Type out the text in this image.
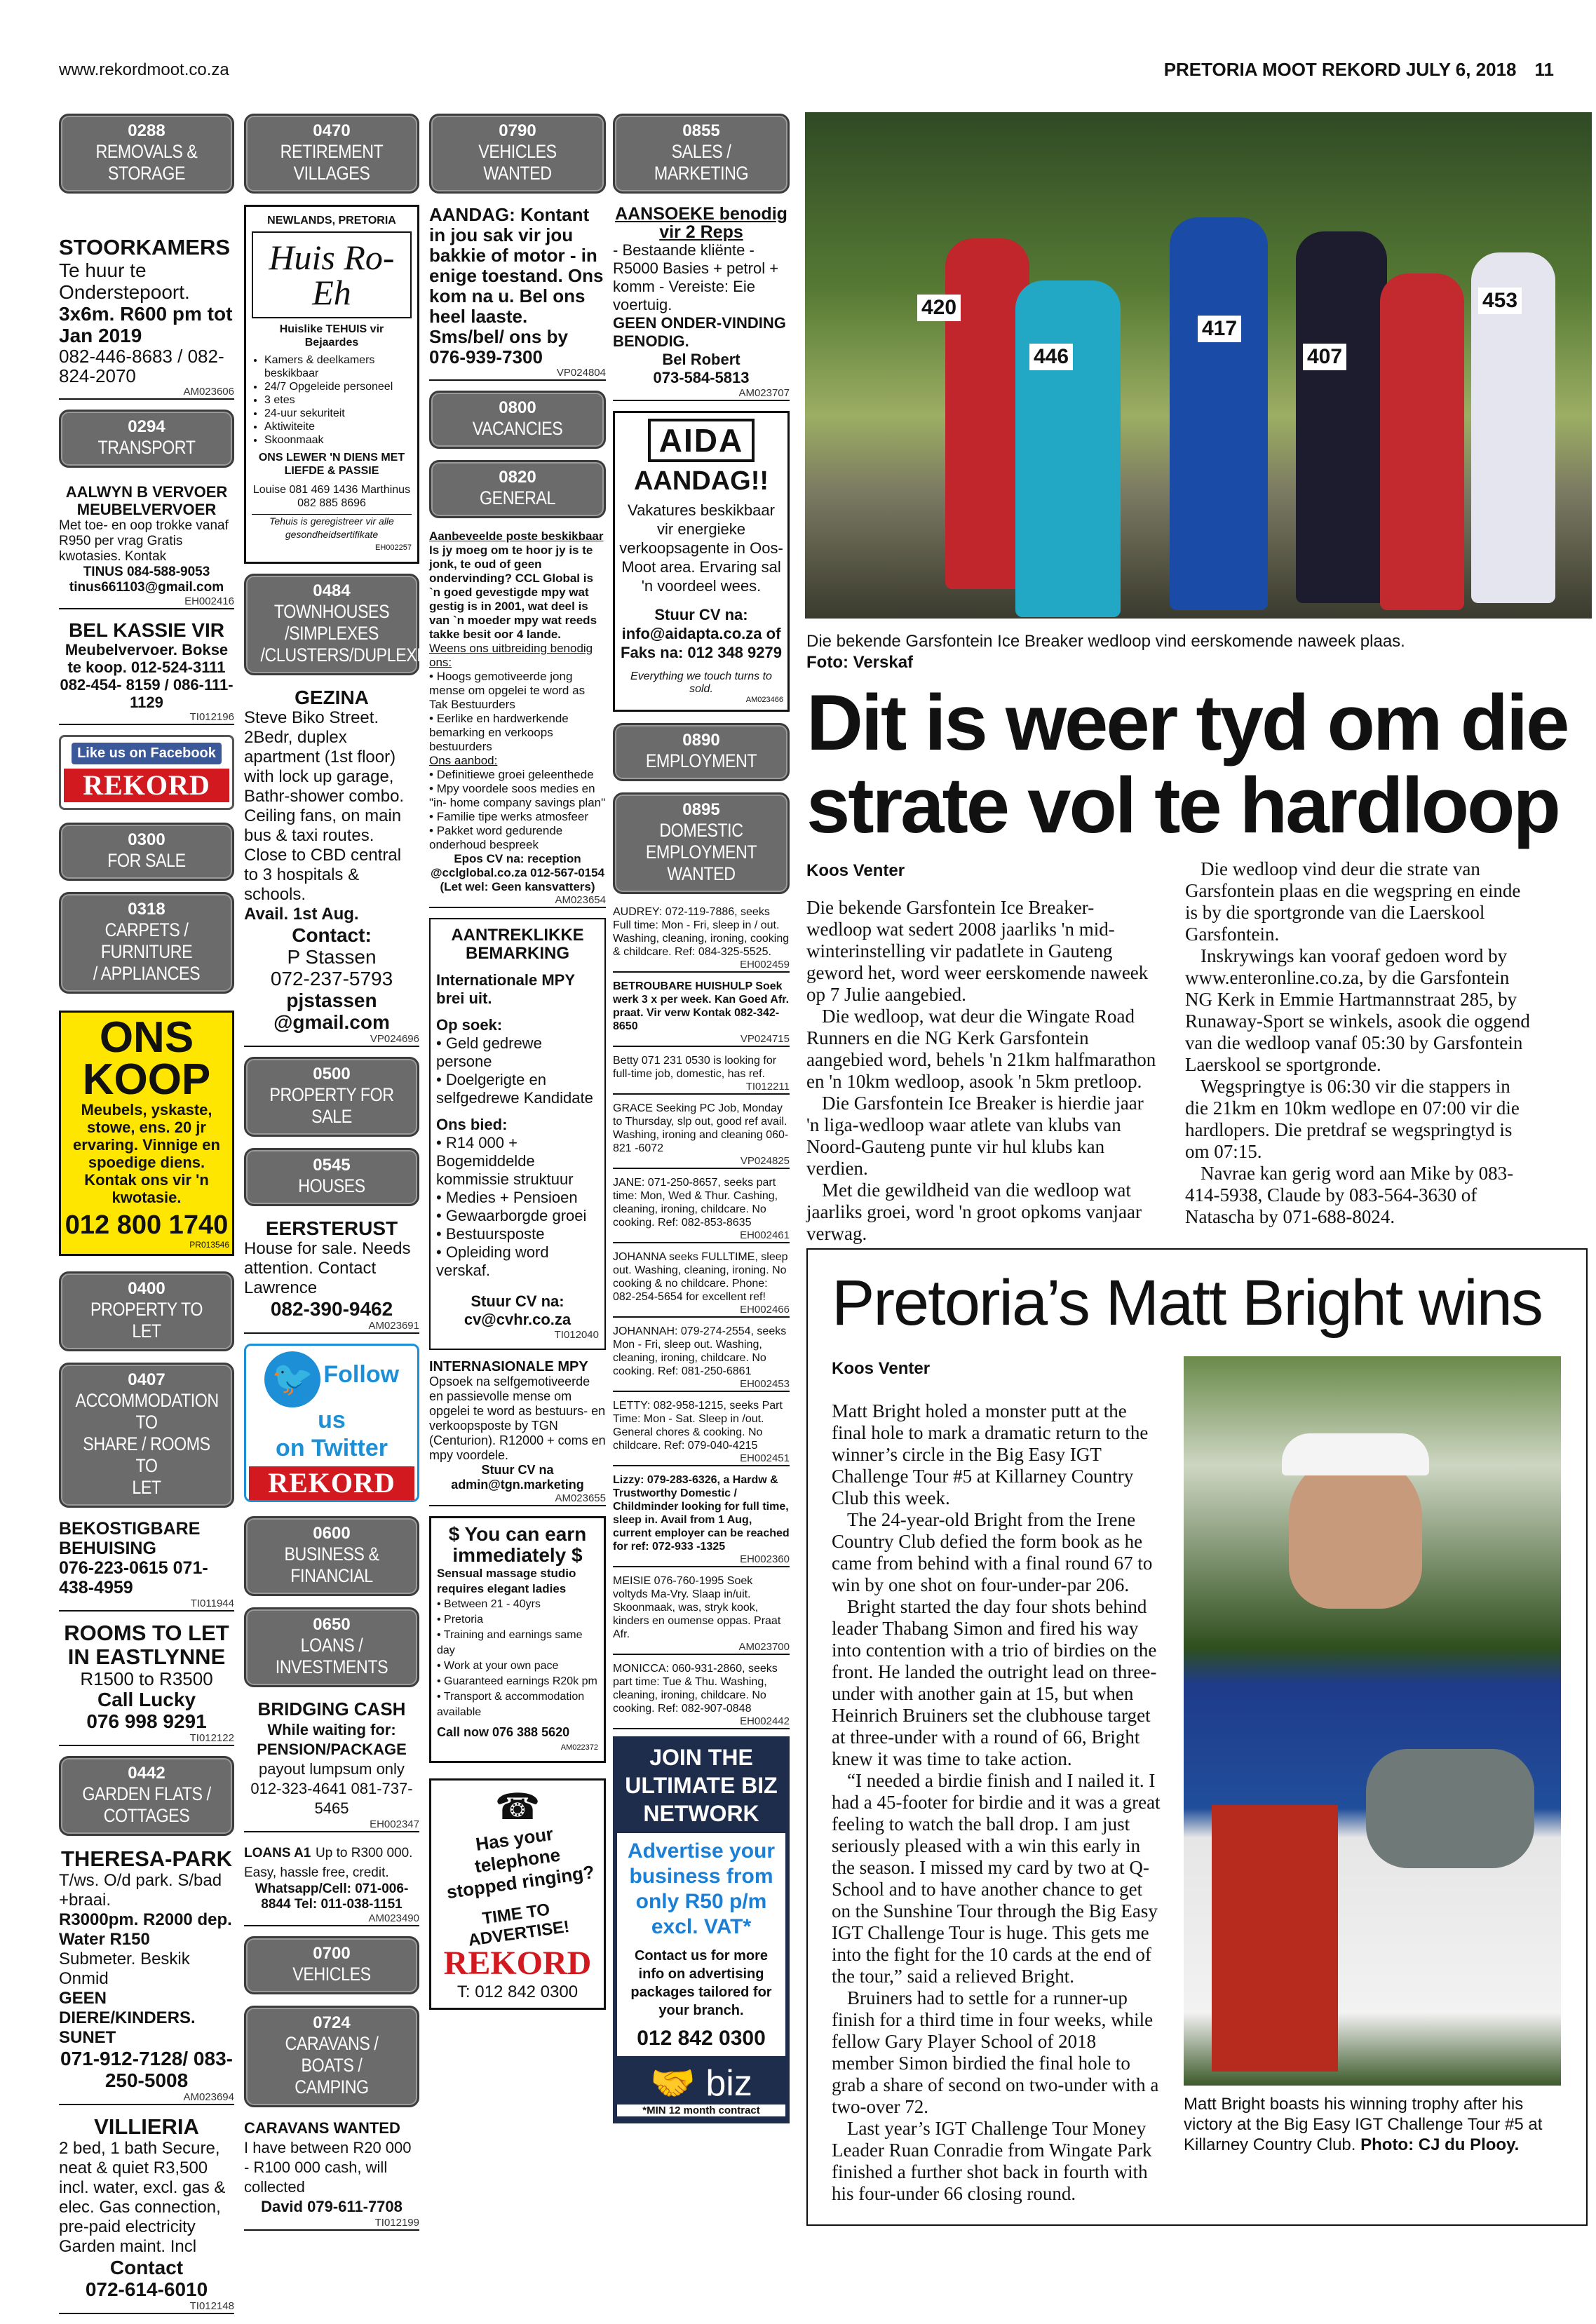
www.rekordmoot.co.za	PRETORIA MOOT REKORD JULY 6, 2018 11
0288
REMOVALS &
STORAGE
STOORKAMERS
Te huur te Onderstepoort.
3x6m. R600 pm tot Jan 2019
082-446-8683 / 082-824-2070
AM023606
0294
TRANSPORT
AALWYN B VERVOER MEUBELVERVOER
Met toe- en oop trokke vanaf R950 per vrag Gratis kwotasies. Kontak
TINUS 084-588-9053 tinus661103@gmail.com
EH002416
BEL KASSIE VIR
Meubelvervoer. Bokse te koop. 012-524-3111 082-454- 8159 / 086-111-1129
TI012196
Like us on Facebook
REKORD
0300
FOR SALE
0318
CARPETS / FURNITURE
/ APPLIANCES
ONS KOOP
Meubels, yskaste, stowe, ens. 20 jr ervaring. Vinnige en spoedige diens. Kontak ons vir 'n kwotasie.
012 800 1740
PR013546
0400
PROPERTY TO LET
0407
ACCOMMODATION TO
SHARE / ROOMS TO
LET
BEKOSTIGBARE BEHUISING
076-223-0615 071- 438-4959
TI011944
ROOMS TO LET IN EASTLYNNE
R1500 to R3500
Call Lucky
076 998 9291
TI012122
0442
GARDEN FLATS /
COTTAGES
THERESA-PARK
T/ws. O/d park. S/bad +braai.
R3000pm. R2000 dep. Water R150
Submeter. Beskik Onmid
GEEN DIERE/KINDERS. SUNET
071-912-7128/ 083-250-5008
AM023694
VILLIERIA
2 bed, 1 bath Secure, neat & quiet R3,500 incl. water, excl. gas & elec. Gas connection, pre-paid electricity Garden maint. Incl
Contact
072-614-6010
TI012148
0470
RETIREMENT
VILLAGES
NEWLANDS, PRETORIA
Huis Ro-Eh
Huislike TEHUIS vir Bejaardes
• Kamers & deelkamers beskikbaar
• 24/7 Opgeleide personeel
• 3 etes
• 24-uur sekuriteit
• Aktiwiteite
• Skoonmaak
ONS LEWER 'N DIENS MET LIEFDE & PASSIE
Louise 081 469 1436 Marthinus 082 885 8696
Tehuis is geregistreer vir alle gesondheidsertifikate
EH002257
0484
TOWNHOUSES
/SIMPLEXES
/CLUSTERS/DUPLEXES
GEZINA
Steve Biko Street. 2Bedr, duplex apartment (1st floor) with lock up garage, Bathr-shower combo. Ceiling fans, on main bus & taxi routes. Close to CBD central to 3 hospitals & schools.
Avail. 1st Aug.
Contact:
P Stassen
072-237-5793
pjstassen @gmail.com
VP024696
0500
PROPERTY FOR SALE
0545
HOUSES
EERSTERUST
House for sale. Needs attention. Contact Lawrence
082-390-9462
AM023691
🐦 Follow us
on Twitter
REKORD
0600
BUSINESS &
FINANCIAL
0650
LOANS / INVESTMENTS
BRIDGING CASH
While waiting for: PENSION/PACKAGE
payout lumpsum only
012-323-4641 081-737-5465
EH002347
LOANS A1 Up to R300 000. Easy, hassle free, credit.
Whatsapp/Cell: 071-006- 8844 Tel: 011-038-1151
AM023490
0700
VEHICLES
0724
CARAVANS / BOATS /
CAMPING
CARAVANS WANTED
I have between R20 000 - R100 000 cash, will collected
David 079-611-7708
TI012199
0790
VEHICLES WANTED
AANDAG: Kontant in jou sak vir jou bakkie of motor - in enige toestand. Ons kom na u. Bel ons heel laaste. Sms/bel/ ons by
076-939-7300
VP024804
0800
VACANCIES
0820
GENERAL
Aanbeveelde poste beskikbaar
Is jy moeg om te hoor jy is te jonk, te oud of geen ondervinding? CCL Global is `n goed gevestigde mpy wat gestig is in 2001, wat deel is van `n moeder mpy wat reeds takke besit oor 4 lande.
Weens ons uitbreiding benodig ons:
• Hoogs gemotiveerde jong mense om opgelei te word as Tak Bestuurders
• Eerlike en hardwerkende bemarking en verkoops bestuurders
Ons aanbod:
• Definitiewe groei geleenthede
• Mpy voordele soos medies en "in- home company savings plan"
• Familie tipe werks atmosfeer
• Pakket word gedurende onderhoud bespreek
Epos CV na: reception @cclglobal.co.za 012-567-0154 (Let wel: Geen kansvatters)
AM023654
AANTREKLIKKE BEMARKING
Internationale MPY brei uit.
Op soek:
• Geld gedrewe persone
• Doelgerigte en selfgedrewe Kandidate
Ons bied:
• R14 000 + Bogemiddelde kommissie struktuur
• Medies + Pensioen
• Gewaarborgde groei
• Bestuursposte
• Opleiding word verskaf.
Stuur CV na: cv@cvhr.co.za
TI012040
INTERNASIONALE MPY
Opsoek na selfgemotiveerde en passievolle mense om opgelei te word as bestuurs- en verkoopsposte by TGN (Centurion). R12000 + coms en mpy voordele.
Stuur CV na admin@tgn.marketing
AM023655
$ You can earn immediately $
Sensual massage studio requires elegant ladies
• Between 21 - 40yrs
• Pretoria
• Training and earnings same day
• Work at your own pace
• Guaranteed earnings R20k pm
• Transport & accommodation available
Call now 076 388 5620
AM022372
☎
Has your telephone stopped ringing?
TIME TO ADVERTISE!
REKORD
T: 012 842 0300
0855
SALES / MARKETING
AANSOEKE benodig vir 2 Reps
- Bestaande kliënte - R5000 Basies + petrol + komm - Vereiste: Eie voertuig.
GEEN ONDER-VINDING BENODIG.
Bel Robert
073-584-5813
AM023707
AIDA
AANDAG!!
Vakatures beskikbaar vir energieke verkoopsagente in Oos-Moot area. Ervaring sal 'n voordeel wees.
Stuur CV na: info@aidapta.co.za of Faks na: 012 348 9279
Everything we touch turns to sold.
AM023466
0890
EMPLOYMENT
0895
DOMESTIC
EMPLOYMENT
WANTED
AUDREY: 072-119-7886, seeks Full time: Mon - Fri, sleep in / out. Washing, cleaning, ironing, cooking & childcare. Ref: 084-325-5525.
EH002459
BETROUBARE HUISHULP Soek werk 3 x per week. Kan Goed Afr. praat. Vir verw Kontak 082-342-8650
VP024715
Betty 071 231 0530 is looking for full-time job, domestic, has ref.
TI012211
GRACE Seeking PC Job, Monday to Thursday, slp out, good ref avail. Washing, ironing and cleaning 060-821 -6072
VP024825
JANE: 071-250-8657, seeks part time: Mon, Wed & Thur. Cashing, cleaning, ironing, childcare. No cooking. Ref: 082-853-8635
EH002461
JOHANNA seeks FULLTIME, sleep out. Washing, cleaning, ironing. No cooking & no childcare. Phone: 082-254-5654 for excellent ref!
EH002466
JOHANNAH: 079-274-2554, seeks Mon - Fri, sleep out. Washing, cleaning, ironing, childcare. No cooking. Ref: 081-250-6861
EH002453
LETTY: 082-958-1215, seeks Part Time: Mon - Sat. Sleep in /out. General chores & cooking. No childcare. Ref: 079-040-4215
EH002451
Lizzy: 079-283-6326, a Hardw & Trustworthy Domestic / Childminder looking for full time, sleep in. Avail from 1 Aug, current employer can be reached for ref: 072-933 -1325
EH002360
MEISIE 076-760-1995 Soek voltyds Ma-Vry. Slaap in/uit. Skoonmaak, was, stryk kook, kinders en oumense oppas. Praat Afr.
AM023700
MONICCA: 060-931-2860, seeks part time: Tue & Thu. Washing, cleaning, ironing, childcare. No cooking. Ref: 082-907-0848
EH002442
JOIN THE ULTIMATE BIZ NETWORK
Advertise your business from only R50 p/m excl. VAT*
Contact us for more info on advertising packages tailored for your branch.
012 842 0300
🤝 biz
*MIN 12 month contract
420
446
417
407
453
Die bekende Garsfontein Ice Breaker wedloop vind eerskomende naweek plaas.
Foto: Verskaf
Dit is weer tyd om die strate vol te hardloop
Koos Venter

Die bekende Garsfontein Ice Breaker-wedloop wat sedert 2008 jaarliks 'n mid-winterinstelling vir padatlete in Gauteng geword het, word weer eerskomende naweek op 7 Julie aangebied.

Die wedloop, wat deur die Wingate Road Runners en die NG Kerk Garsfontein aangebied word, behels 'n 21km halfmarathon en 'n 10km wedloop, asook 'n 5km pretloop.

Die Garsfontein Ice Breaker is hierdie jaar 'n liga-wedloop waar atlete van klubs van Noord-Gauteng punte vir hul klubs kan verdien.

Met die gewildheid van die wedloop wat jaarliks groei, word 'n groot opkoms vanjaar verwag.

Die wedloop vind deur die strate van Garsfontein plaas en die wegspring en einde is by die sportgronde van die Laerskool Garsfontein.

Inskrywings kan vooraf gedoen word by www.enteronline.co.za, by die Garsfontein NG Kerk in Emmie Hartmannstraat 285, by Runaway-Sport se winkels, asook die oggend van die wedloop vanaf 05:30 by Garsfontein Laerskool se sportgronde.

Wegspringtye is 06:30 vir die stappers in die 21km en 10km wedlope en 07:00 vir die hardlopers. Die pretdraf se wegspringtyd is om 07:15.

Navrae kan gerig word aan Mike by 083-414-5938, Claude by 083-564-3630 of Natascha by 071-688-8024.

Pretoria’s Matt Bright wins
Koos Venter

Matt Bright holed a monster putt at the final hole to mark a dramatic return to the winner’s circle in the Big Easy IGT Challenge Tour #5 at Killarney Country Club this week.

The 24-year-old Bright from the Irene Country Club defied the form book as he came from behind with a final round 67 to win by one shot on four-under-par 206.

Bright started the day four shots behind leader Thabang Simon and fired his way into contention with a trio of birdies on the front. He landed the outright lead on three-under with another gain at 15, but when Heinrich Bruiners set the clubhouse target at three-under with a round of 66, Bright knew it was time to take action.

“I needed a birdie finish and I nailed it. I had a 45-footer for birdie and it was a great feeling to watch the ball drop. I am just seriously pleased with a win this early in the season. I missed my card by two at Q-School and to have another chance to get on the Sunshine Tour through the Big Easy IGT Challenge Tour is huge. This gets me into the fight for the 10 cards at the end of the tour,” said a relieved Bright.

Bruiners had to settle for a runner-up finish for a third time in four weeks, while fellow Gary Player School of 2018 member Simon birdied the final hole to grab a share of second on two-under with a two-over 72.

Last year’s IGT Challenge Tour Money Leader Ruan Conradie from Wingate Park finished a further shot back in fourth with his four-under 66 closing round.

Matt Bright boasts his winning trophy after his victory at the Big Easy IGT Challenge Tour #5 at Killarney Country Club. Photo: CJ du Plooy.
